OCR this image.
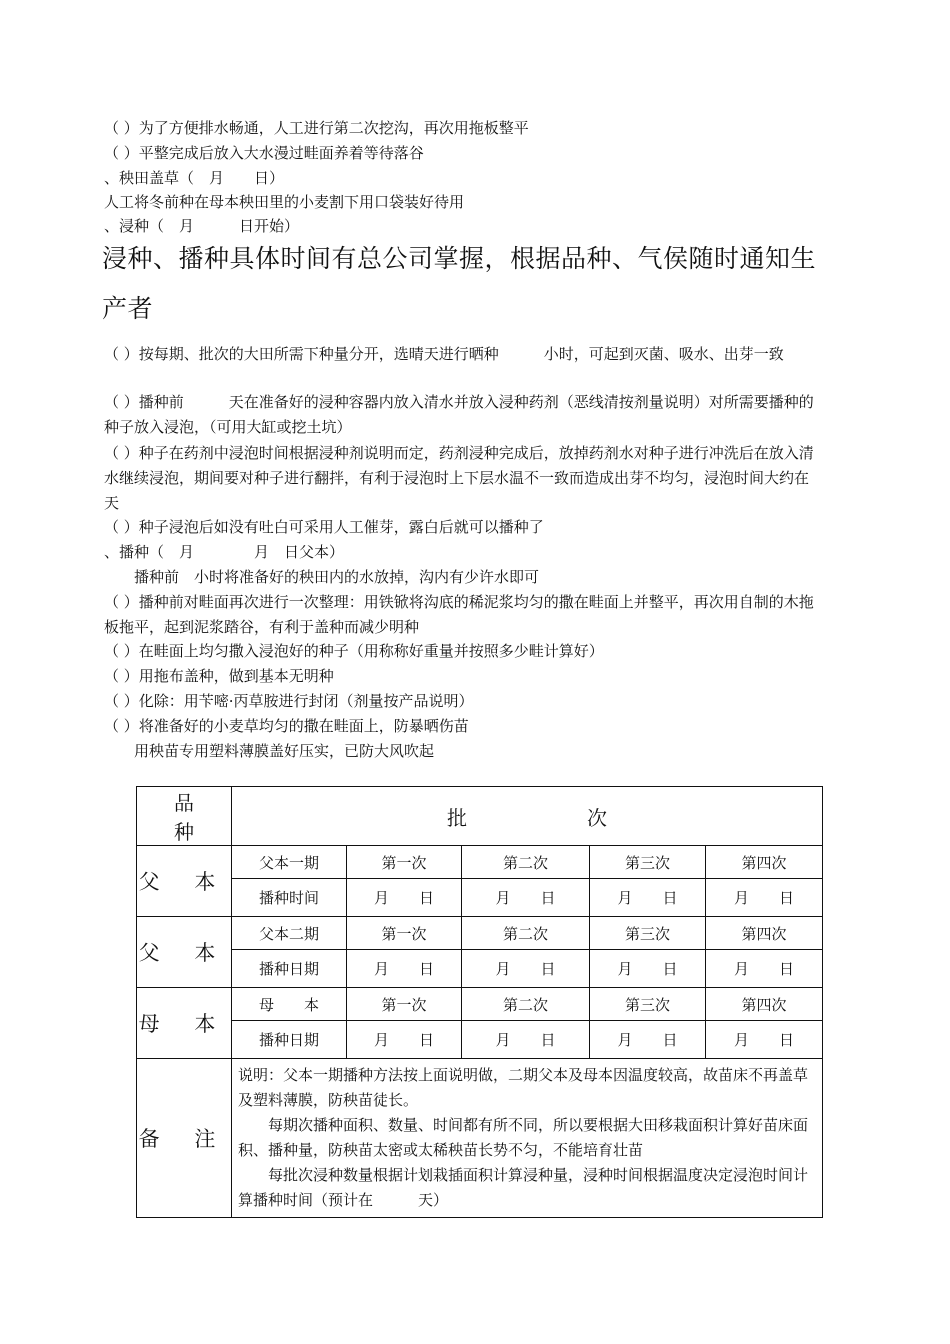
（ ）为了方便排水畅通，人工进行第二次挖沟，再次用拖板整平
（ ）平整完成后放入大水漫过畦面养着等待落谷
、秧田盖草（　月　　日）
人工将冬前种在母本秧田里的小麦割下用口袋装好待用
、浸种（　月　　　日开始）
浸种、播种具体时间有总公司掌握，根据品种、气侯随时通知生产者
（ ）按每期、批次的大田所需下种量分开，选晴天进行晒种　　　小时，可起到灭菌、吸水、出芽一致
（ ）播种前　　　天在准备好的浸种容器内放入清水并放入浸种药剂（恶线清按剂量说明）对所需要播种的种子放入浸泡，（可用大缸或挖土坑）
（ ）种子在药剂中浸泡时间根据浸种剂说明而定，药剂浸种完成后，放掉药剂水对种子进行冲洗后在放入清水继续浸泡，期间要对种子进行翻拌，有利于浸泡时上下层水温不一致而造成出芽不均匀，浸泡时间大约在　　　天
（ ）种子浸泡后如没有吐白可采用人工催芽，露白后就可以播种了
、播种（　月　　　　月　日父本）
　　播种前　小时将准备好的秧田内的水放掉，沟内有少许水即可
（ ）播种前对畦面再次进行一次整理：用铁锨将沟底的稀泥浆均匀的撒在畦面上并整平，再次用自制的木拖板拖平，起到泥浆踏谷，有利于盖种而减少明种
（ ）在畦面上均匀撒入浸泡好的种子（用称称好重量并按照多少畦计算好）
（ ）用拖布盖种，做到基本无明种
（ ）化除：用苄嘧·丙草胺进行封闭（剂量按产品说明）
（ ）将准备好的小麦草均匀的撒在畦面上，防暴晒伤苗
　　用秧苗专用塑料薄膜盖好压实，已防大风吹起
品　　　种	批　　　　　　次				
父 本	父本一期	第一次	第二次	第三次	第四次
	播种时间	月　　日	月　　日	月　　日	月　　日
父 本	父本二期	第一次	第二次	第三次	第四次
	播种日期	月　　日	月　　日	月　　日	月　　日
母 本	母　　本	第一次	第二次	第三次	第四次
	播种日期	月　　日	月　　日	月　　日	月　　日
备 注	说明：父本一期播种方法按上面说明做，二期父本及母本因温度较高，故苗床不再盖草及塑料薄膜，防秧苗徒长。

每期次播种面积、数量、时间都有所不同，所以要根据大田移栽面积计算好苗床面积、播种量，防秧苗太密或太稀秧苗长势不匀，不能培育壮苗

每批次浸种数量根据计划栽插面积计算浸种量，浸种时间根据温度决定浸泡时间计算播种时间（预计在　　　天）				
